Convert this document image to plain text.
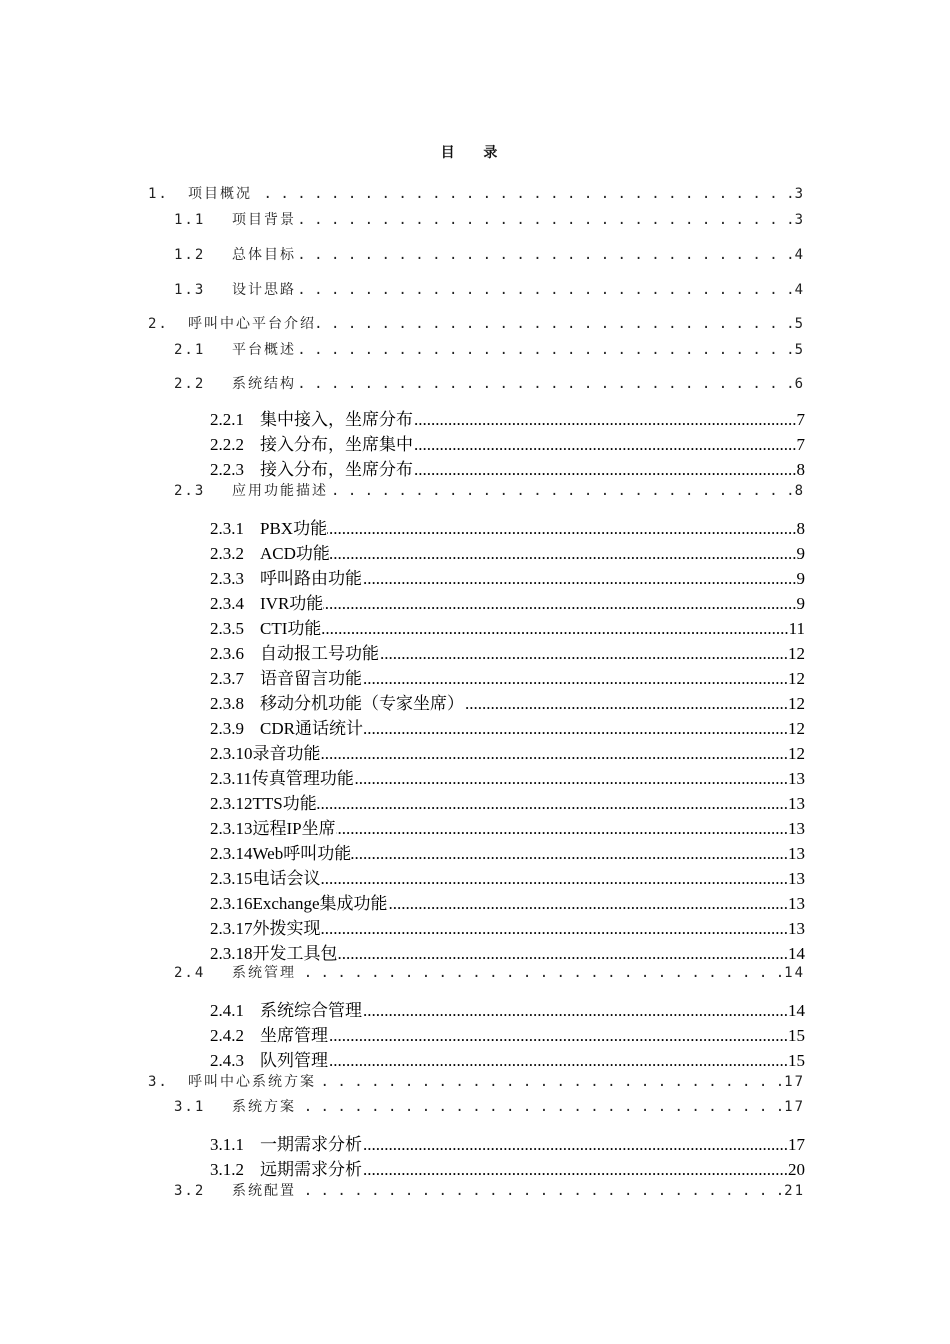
目 录
1.	项目概况 . . .	3
1.1	项目背景 . . .	3
1.2	总体目标 . . .	4
1.3	设计思路 . . .	4
2.	呼叫中心平台介绍 . . .	5
2.1	平台概述 . . .	5
2.2	系统结构 . . .	6
2.2.1 集中接入，坐席分布 .....	7
2.2.2 接入分布，坐席集中 .....	7
2.2.3 接入分布，坐席分布 .....	8
2.3	应用功能描述 . . .	8
2.3.1 PBX功能 .....	8
2.3.2 ACD功能 .....	9
2.3.3 呼叫路由功能 .....	9
2.3.4 IVR功能 .....	9
2.3.5 CTI功能 .....	11
2.3.6 自动报工号功能 .....	12
2.3.7 语音留言功能 .....	12
2.3.8 移动分机功能（专家坐席） .....	12
2.3.9 CDR通话统计 .....	12
2.3.10 录音功能 .....	12
2.3.11 传真管理功能 .....	13
2.3.12 TTS功能 .....	13
2.3.13 远程IP坐席 .....	13
2.3.14 Web呼叫功能 .....	13
2.3.15 电话会议 .....	13
2.3.16 Exchange集成功能 .....	13
2.3.17 外拨实现 .....	13
2.3.18 开发工具包 .....	14
2.4	系统管理 . . .	14
2.4.1 系统综合管理 .....	14
2.4.2 坐席管理 .....	15
2.4.3 队列管理 .....	15
3.	呼叫中心系统方案 . . .	17
3.1	系统方案 . . .	17
3.1.1 一期需求分析 .....	17
3.1.2 远期需求分析 .....	20
3.2	系统配置 . . .	21
